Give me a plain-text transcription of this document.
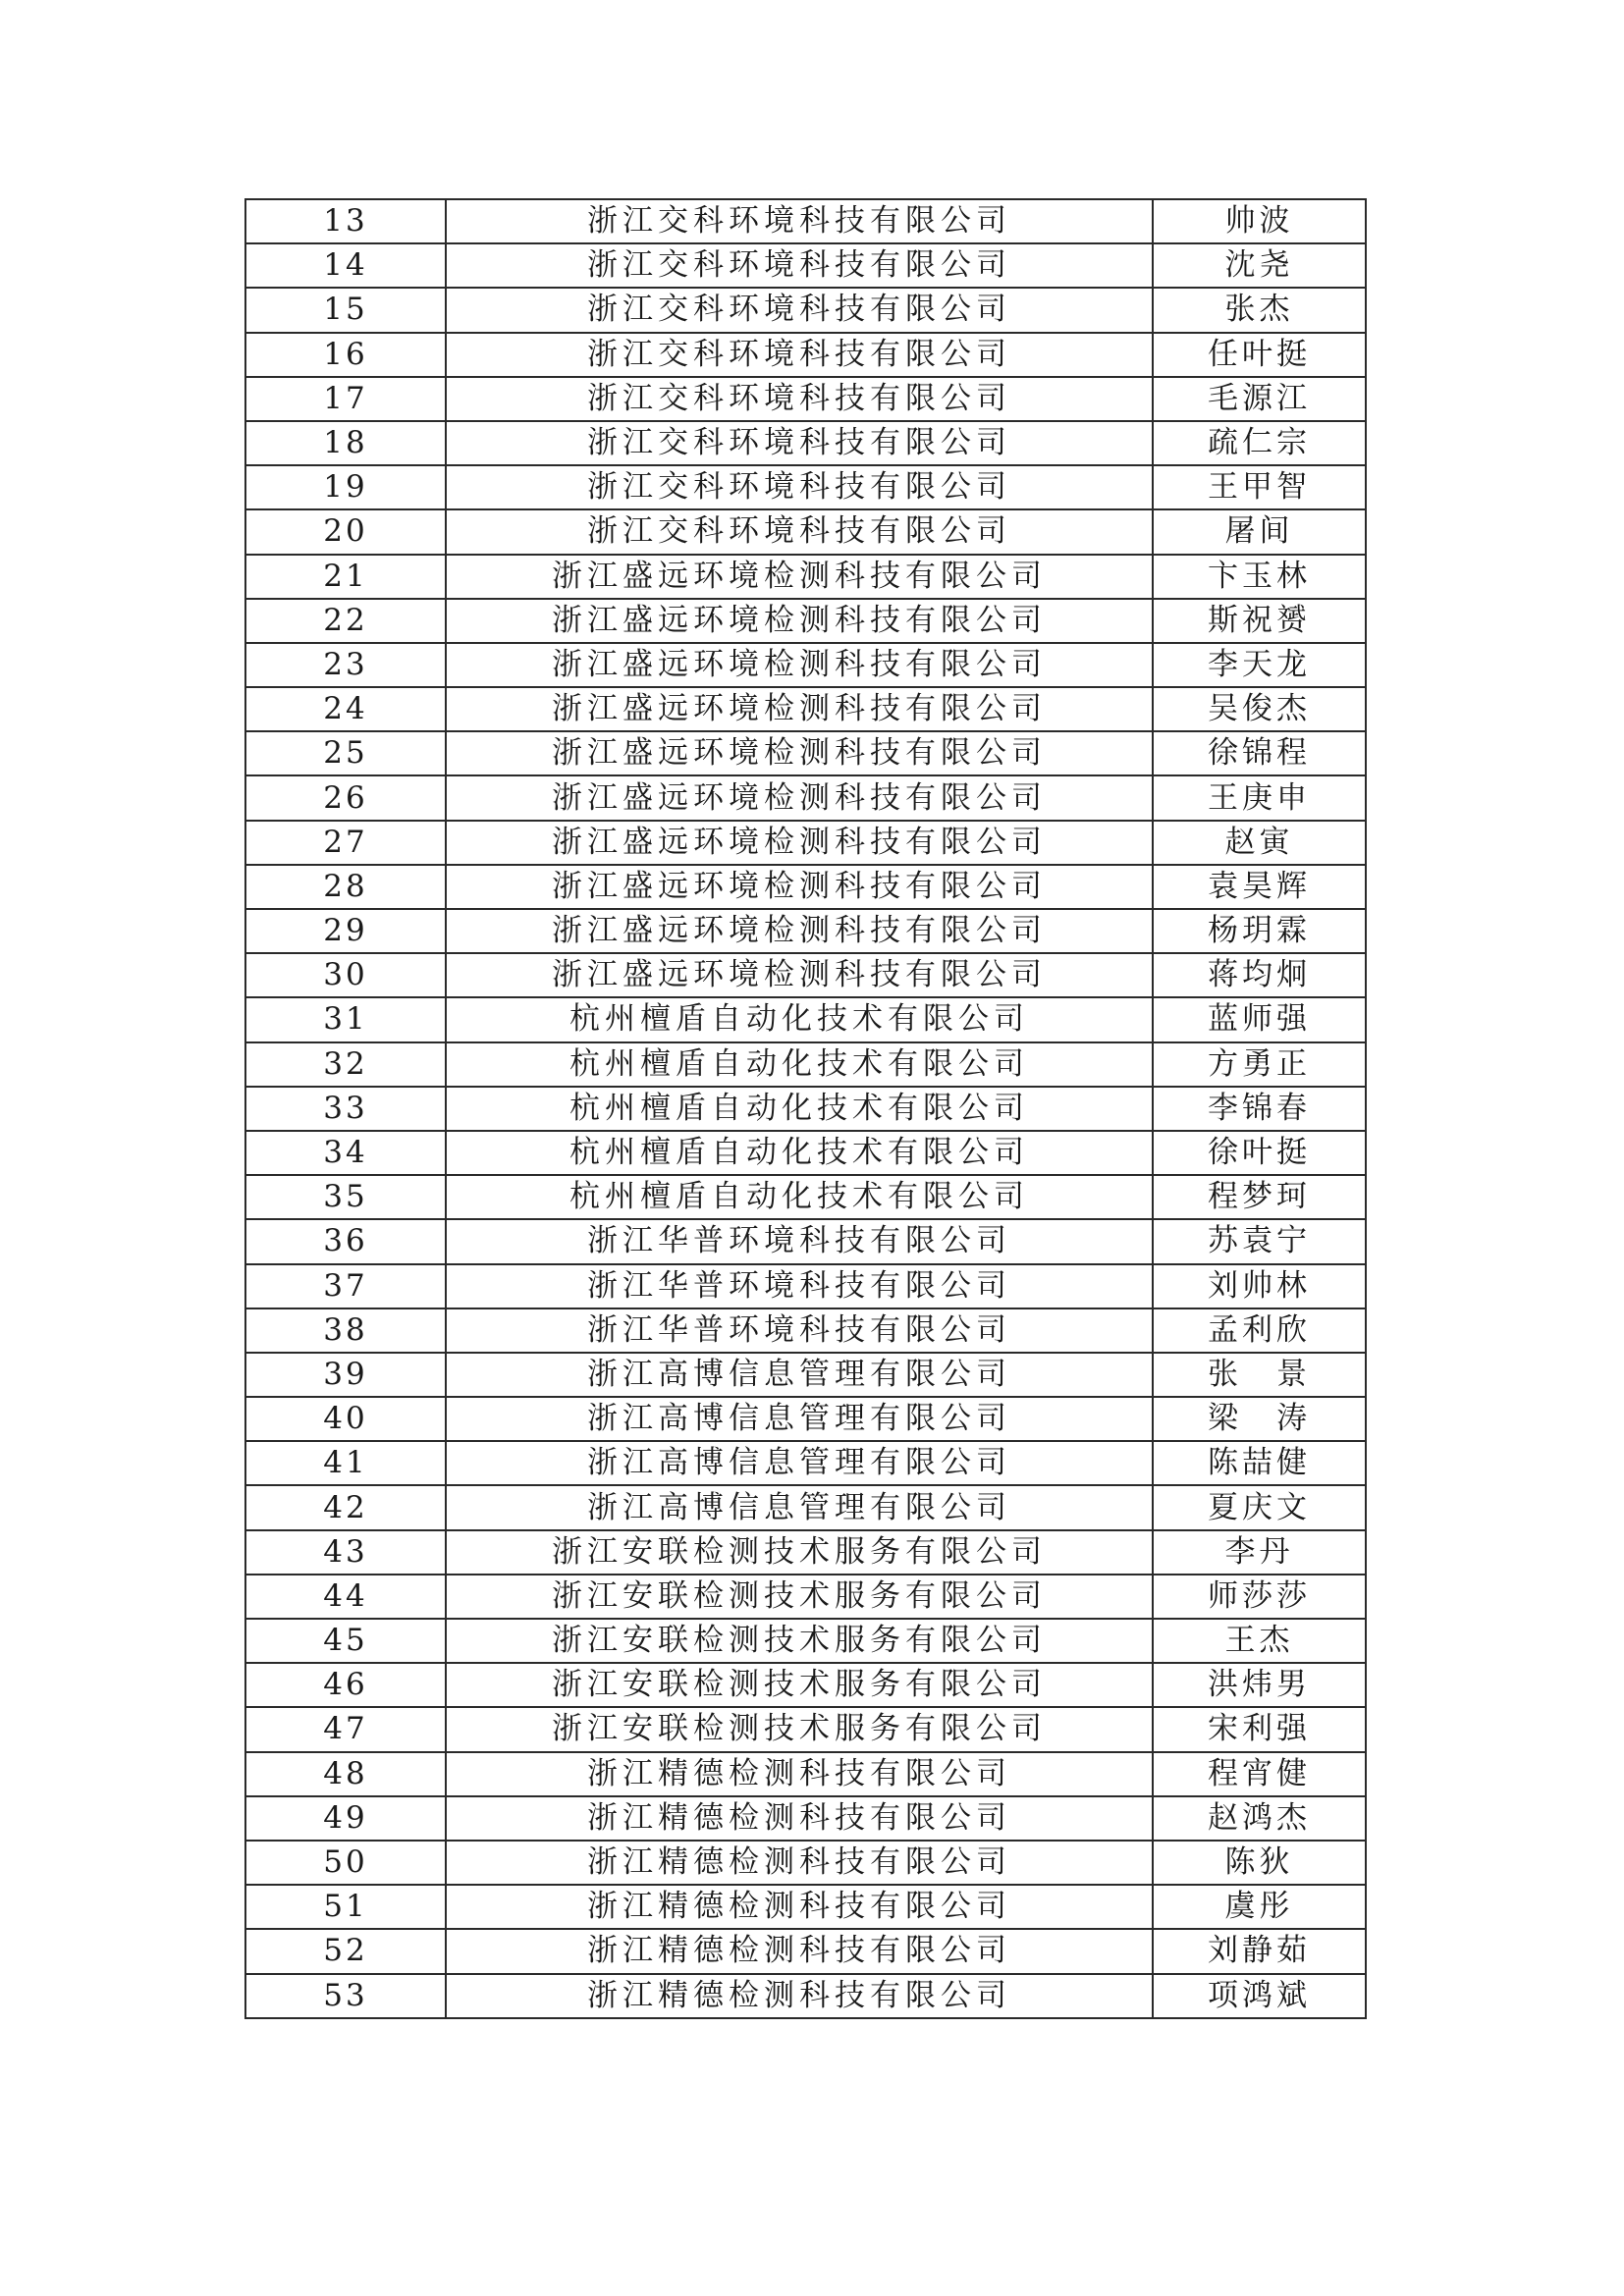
13	浙江交科环境科技有限公司	帅波
14	浙江交科环境科技有限公司	沈尧
15	浙江交科环境科技有限公司	张杰
16	浙江交科环境科技有限公司	任叶挺
17	浙江交科环境科技有限公司	毛源江
18	浙江交科环境科技有限公司	疏仁宗
19	浙江交科环境科技有限公司	王甲智
20	浙江交科环境科技有限公司	屠间
21	浙江盛远环境检测科技有限公司	卞玉林
22	浙江盛远环境检测科技有限公司	斯祝赟
23	浙江盛远环境检测科技有限公司	李天龙
24	浙江盛远环境检测科技有限公司	吴俊杰
25	浙江盛远环境检测科技有限公司	徐锦程
26	浙江盛远环境检测科技有限公司	王庚申
27	浙江盛远环境检测科技有限公司	赵寅
28	浙江盛远环境检测科技有限公司	袁昊辉
29	浙江盛远环境检测科技有限公司	杨玥霖
30	浙江盛远环境检测科技有限公司	蒋均炯
31	杭州檀盾自动化技术有限公司	蓝师强
32	杭州檀盾自动化技术有限公司	方勇正
33	杭州檀盾自动化技术有限公司	李锦春
34	杭州檀盾自动化技术有限公司	徐叶挺
35	杭州檀盾自动化技术有限公司	程梦珂
36	浙江华普环境科技有限公司	苏袁宁
37	浙江华普环境科技有限公司	刘帅林
38	浙江华普环境科技有限公司	孟利欣
39	浙江高博信息管理有限公司	张　景
40	浙江高博信息管理有限公司	梁　涛
41	浙江高博信息管理有限公司	陈喆健
42	浙江高博信息管理有限公司	夏庆文
43	浙江安联检测技术服务有限公司	李丹
44	浙江安联检测技术服务有限公司	师莎莎
45	浙江安联检测技术服务有限公司	王杰
46	浙江安联检测技术服务有限公司	洪炜男
47	浙江安联检测技术服务有限公司	宋利强
48	浙江精德检测科技有限公司	程宵健
49	浙江精德检测科技有限公司	赵鸿杰
50	浙江精德检测科技有限公司	陈狄
51	浙江精德检测科技有限公司	虞彤
52	浙江精德检测科技有限公司	刘静茹
53	浙江精德检测科技有限公司	项鸿斌
